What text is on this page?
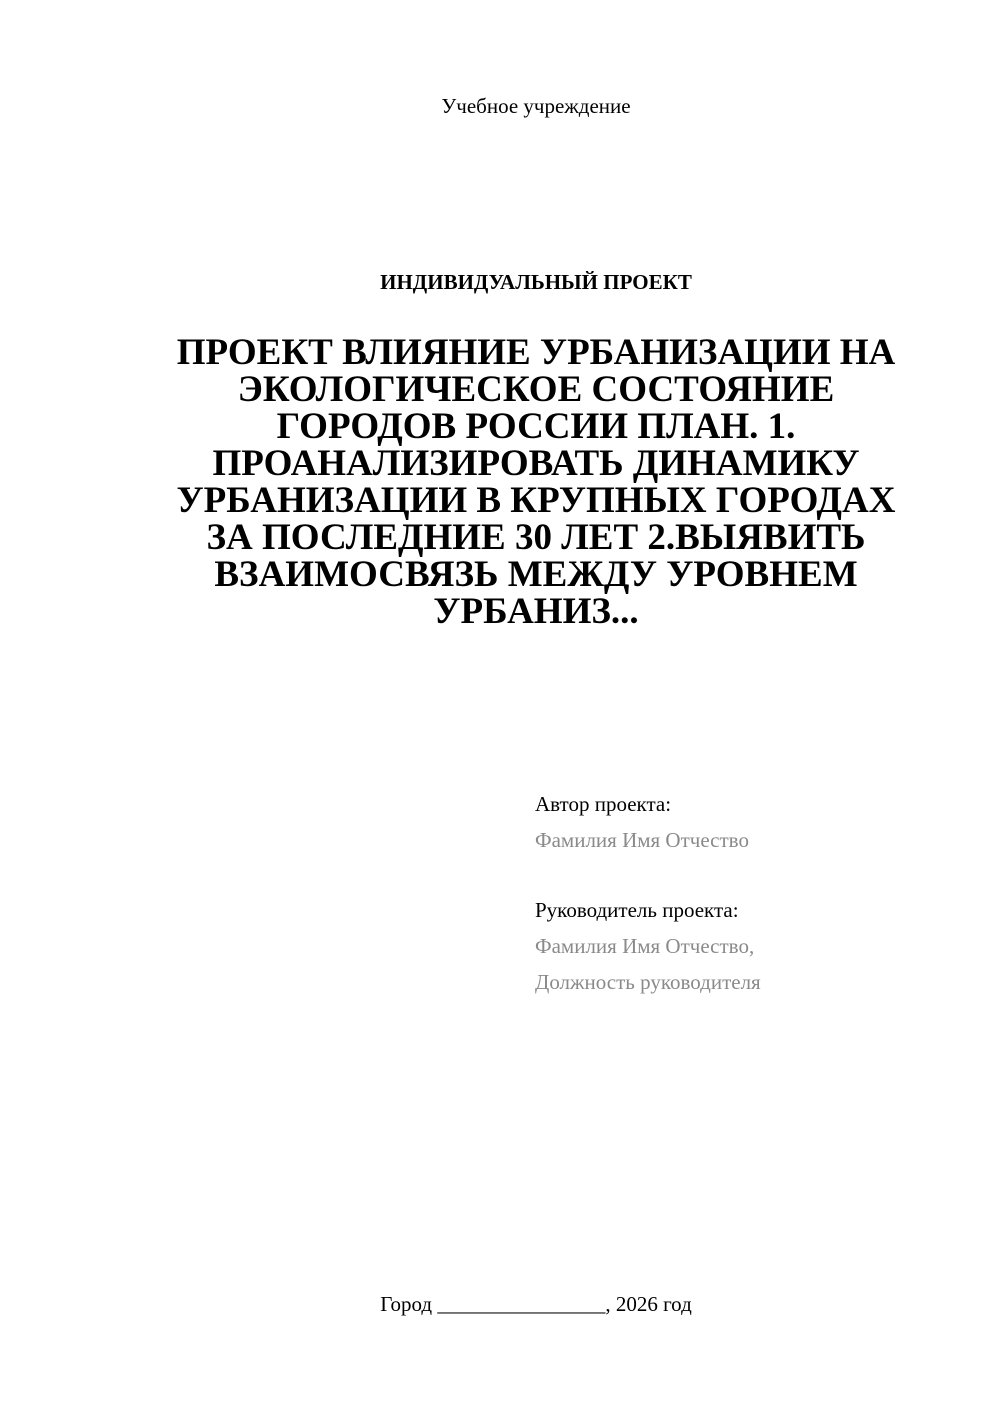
Учебное учреждение
ИНДИВИДУАЛЬНЫЙ ПРОЕКТ
ПРОЕКТ ВЛИЯНИЕ УРБАНИЗАЦИИ НА ЭКОЛОГИЧЕСКОЕ СОСТОЯНИЕ ГОРОДОВ РОССИИ ПЛАН. 1. ПРОАНАЛИЗИРОВАТЬ ДИНАМИКУ УРБАНИЗАЦИИ В КРУПНЫХ ГОРОДАХ ЗА ПОСЛЕДНИЕ 30 ЛЕТ 2.ВЫЯВИТЬ ВЗАИМОСВЯЗЬ МЕЖДУ УРОВНЕМ УРБАНИЗ...
Автор проекта:
Фамилия Имя Отчество
Руководитель проекта:
Фамилия Имя Отчество,
Должность руководителя
Город ________________, 2026 год
